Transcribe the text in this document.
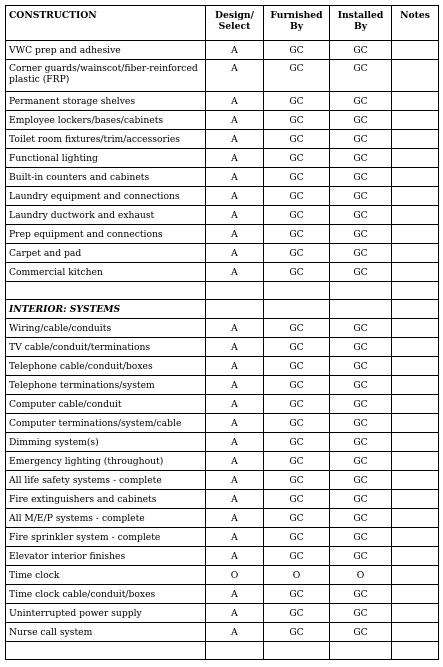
CONSTRUCTION	Design/ Select	Furnished By	Installed By	Notes
VWC prep and adhesive	A	GC	GC	
Corner guards/wainscot/fiber-reinforced plastic (FRP)	A	GC	GC	
Permanent storage shelves	A	GC	GC	
Employee lockers/bases/cabinets	A	GC	GC	
Toilet room fixtures/trim/accessories	A	GC	GC	
Functional lighting	A	GC	GC	
Built-in counters and cabinets	A	GC	GC	
Laundry equipment and connections	A	GC	GC	
Laundry ductwork and exhaust	A	GC	GC	
Prep equipment and connections	A	GC	GC	
Carpet and pad	A	GC	GC	
Commercial kitchen	A	GC	GC	

INTERIOR: SYSTEMS				
Wiring/cable/conduits	A	GC	GC	
TV cable/conduit/terminations	A	GC	GC	
Telephone cable/conduit/boxes	A	GC	GC	
Telephone terminations/system	A	GC	GC	
Computer cable/conduit	A	GC	GC	
Computer terminations/system/cable	A	GC	GC	
Dimming system(s)	A	GC	GC	
Emergency lighting (throughout)	A	GC	GC	
All life safety systems - complete	A	GC	GC	
Fire extinguishers and cabinets	A	GC	GC	
All M/E/P systems - complete	A	GC	GC	
Fire sprinkler system - complete	A	GC	GC	
Elevator interior finishes	A	GC	GC	
Time clock	O	O	O	
Time clock cable/conduit/boxes	A	GC	GC	
Uninterrupted power supply	A	GC	GC	
Nurse call system	A	GC	GC	
